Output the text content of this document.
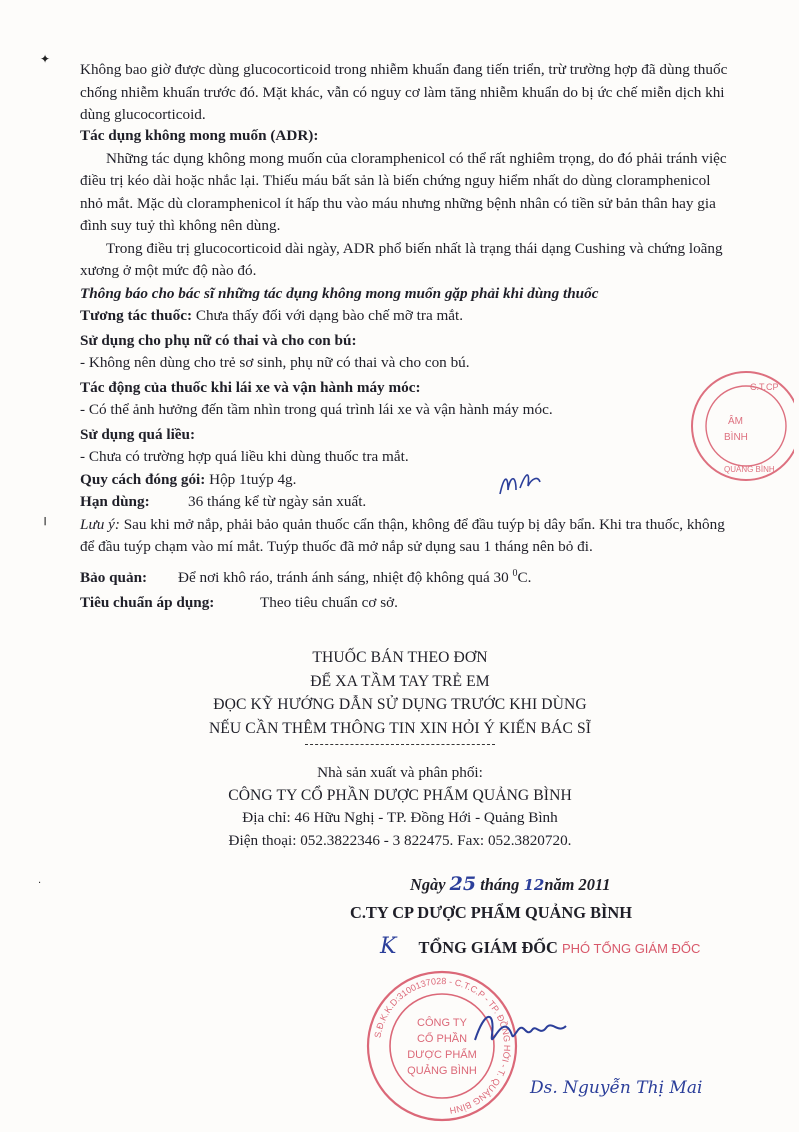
✦
╵
·

Không bao giờ được dùng glucocorticoid trong nhiễm khuẩn đang tiến triển, trừ trường hợp đã dùng thuốc chống nhiễm khuẩn trước đó. Mặt khác, vẫn có nguy cơ làm tăng nhiễm khuẩn do bị ức chế miễn dịch khi dùng glucocorticoid.

Tác dụng không mong muốn (ADR):

Những tác dụng không mong muốn của cloramphenicol có thể rất nghiêm trọng, do đó phải tránh việc điều trị kéo dài hoặc nhắc lại. Thiếu máu bất sản là biến chứng nguy hiểm nhất do dùng cloramphenicol nhỏ mắt. Mặc dù cloramphenicol ít hấp thu vào máu nhưng những bệnh nhân có tiền sử bản thân hay gia đình suy tuỷ thì không nên dùng.

Trong điều trị glucocorticoid dài ngày, ADR phổ biến nhất là trạng thái dạng Cushing và chứng loãng xương ở một mức độ nào đó.

Thông báo cho bác sĩ những tác dụng không mong muốn gặp phải khi dùng thuốc

Tương tác thuốc: Chưa thấy đối với dạng bào chế mỡ tra mắt.

Sử dụng cho phụ nữ có thai và cho con bú:

- Không nên dùng cho trẻ sơ sinh, phụ nữ có thai và cho con bú.

Tác động của thuốc khi lái xe và vận hành máy móc:

- Có thể ảnh hưởng đến tầm nhìn trong quá trình lái xe và vận hành máy móc.

Sử dụng quá liều:

- Chưa có trường hợp quá liều khi dùng thuốc tra mắt.

Quy cách đóng gói: Hộp 1tuýp 4g.

Hạn dùng:	36 tháng kể từ ngày sản xuất.

Lưu ý: Sau khi mở nắp, phải bảo quản thuốc cẩn thận, không để đầu tuýp bị dây bẩn. Khi tra thuốc, không để đầu tuýp chạm vào mí mắt. Tuýp thuốc đã mở nắp sử dụng sau 1 tháng nên bỏ đi.

Bảo quản: Để nơi khô ráo, tránh ánh sáng, nhiệt độ không quá 30 $^0$C.

Tiêu chuẩn áp dụng:	Theo tiêu chuẩn cơ sở.

THUỐC BÁN THEO ĐƠN

ĐỂ XA TẦM TAY TRẺ EM

ĐỌC KỸ HƯỚNG DẪN SỬ DỤNG TRƯỚC KHI DÙNG

NẾU CẦN THÊM THÔNG TIN XIN HỎI Ý KIẾN BÁC SĨ

Nhà sản xuất và phân phối:

CÔNG TY CỔ PHẦN DƯỢC PHẨM QUẢNG BÌNH

Địa chỉ: 46 Hữu Nghị - TP. Đồng Hới - Quảng Bình

Điện thoại: 052.3822346 - 3 822475. Fax: 052.3820720.

Ngày 25 tháng 12năm 2011
C.TY CP DƯỢC PHẨM QUẢNG BÌNH
K TỔNG GIÁM ĐỐC PHÓ TỔNG GIÁM ĐỐC
S.Đ.K.K.D:3100137028 - C.T.C.P - TP. ĐỒNG HỚI - T. QUẢNG BÌNH
CÔNG TY
CỔ PHẦN
DƯỢC PHẨM
QUẢNG BÌNH
Ds. Nguyễn Thị Mai
C.T.CP
ÂM
BÌNH
QUẢNG BÌNH
